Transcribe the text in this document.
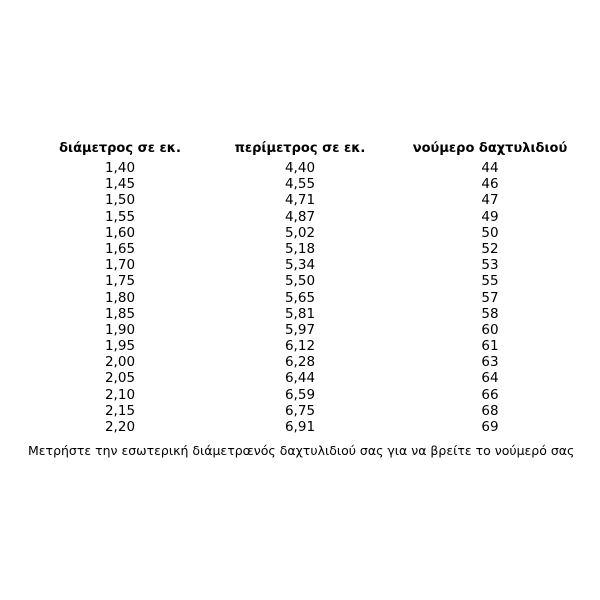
διάμετρος σε εκ.	περίμετρος σε εκ.	νούμερο δαχτυλιδιού
1,40	4,40	44
1,45	4,55	46
1,50	4,71	47
1,55	4,87	49
1,60	5,02	50
1,65	5,18	52
1,70	5,34	53
1,75	5,50	55
1,80	5,65	57
1,85	5,81	58
1,90	5,97	60
1,95	6,12	61
2,00	6,28	63
2,05	6,44	64
2,10	6,59	66
2,15	6,75	68
2,20	6,91	69
Μετρήστε την εσωτερική διάμετρο
ενός δαχτυλιδιού σας για να βρείτε το νούμερό σας
